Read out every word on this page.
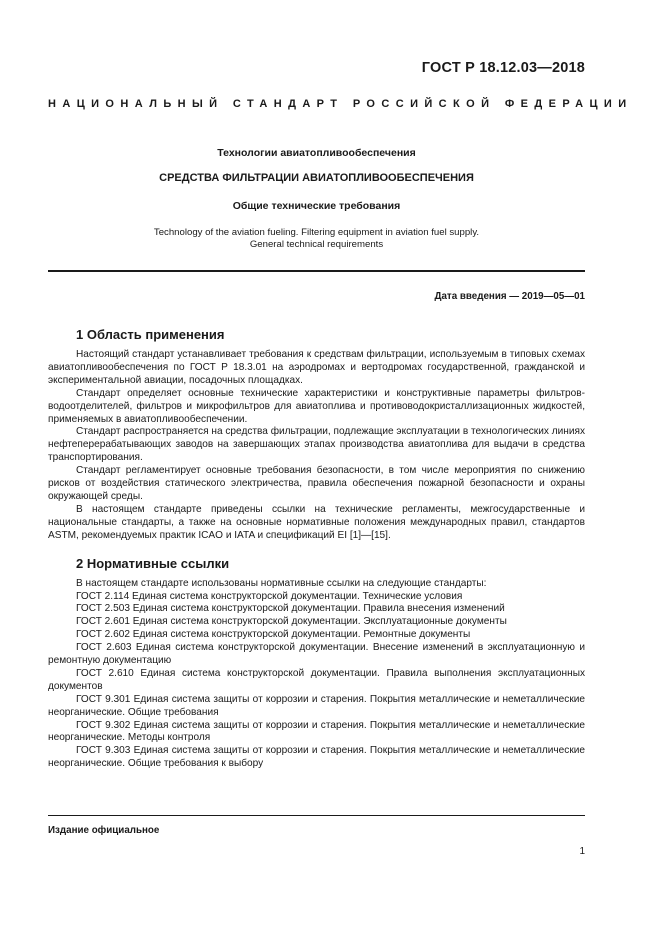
ГОСТ Р 18.12.03—2018
НАЦИОНАЛЬНЫЙ СТАНДАРТ РОССИЙСКОЙ ФЕДЕРАЦИИ
Технологии авиатопливообеспечения
СРЕДСТВА ФИЛЬТРАЦИИ АВИАТОПЛИВООБЕСПЕЧЕНИЯ
Общие технические требования
Technology of the aviation fueling. Filtering equipment in aviation fuel supply.
General technical requirements
Дата введения — 2019—05—01
1 Область применения

Настоящий стандарт устанавливает требования к средствам фильтрации, используемым в типовых схемах авиатопливообеспечения по ГОСТ Р 18.3.01 на аэродромах и вертодромах государственной, гражданской и экспериментальной авиации, посадочных площадках.

Стандарт определяет основные технические характеристики и конструктивные параметры фильтров-водоотделителей, фильтров и микрофильтров для авиатоплива и противоводокристаллизационных жидкостей, применяемых в авиатопливообеспечении.

Стандарт распространяется на средства фильтрации, подлежащие эксплуатации в технологических линиях нефтеперерабатывающих заводов на завершающих этапах производства авиатоплива для выдачи в средства транспортирования.

Стандарт регламентирует основные требования безопасности, в том числе мероприятия по снижению рисков от воздействия статического электричества, правила обеспечения пожарной безопасности и охраны окружающей среды.

В настоящем стандарте приведены ссылки на технические регламенты, межгосударственные и национальные стандарты, а также на основные нормативные положения международных правил, стандартов ASTM, рекомендуемых практик ICAO и IATA и спецификаций EI [1]—[15].

2 Нормативные ссылки

В настоящем стандарте использованы нормативные ссылки на следующие стандарты:

ГОСТ 2.114 Единая система конструкторской документации. Технические условия

ГОСТ 2.503 Единая система конструкторской документации. Правила внесения изменений

ГОСТ 2.601 Единая система конструкторской документации. Эксплуатационные документы

ГОСТ 2.602 Единая система конструкторской документации. Ремонтные документы

ГОСТ 2.603 Единая система конструкторской документации. Внесение изменений в эксплуатационную и ремонтную документацию

ГОСТ 2.610 Единая система конструкторской документации. Правила выполнения эксплуатационных документов

ГОСТ 9.301 Единая система защиты от коррозии и старения. Покрытия металлические и неметаллические неорганические. Общие требования

ГОСТ 9.302 Единая система защиты от коррозии и старения. Покрытия металлические и неметаллические неорганические. Методы контроля

ГОСТ 9.303 Единая система защиты от коррозии и старения. Покрытия металлические и неметаллические неорганические. Общие требования к выбору

Издание официальное
1
